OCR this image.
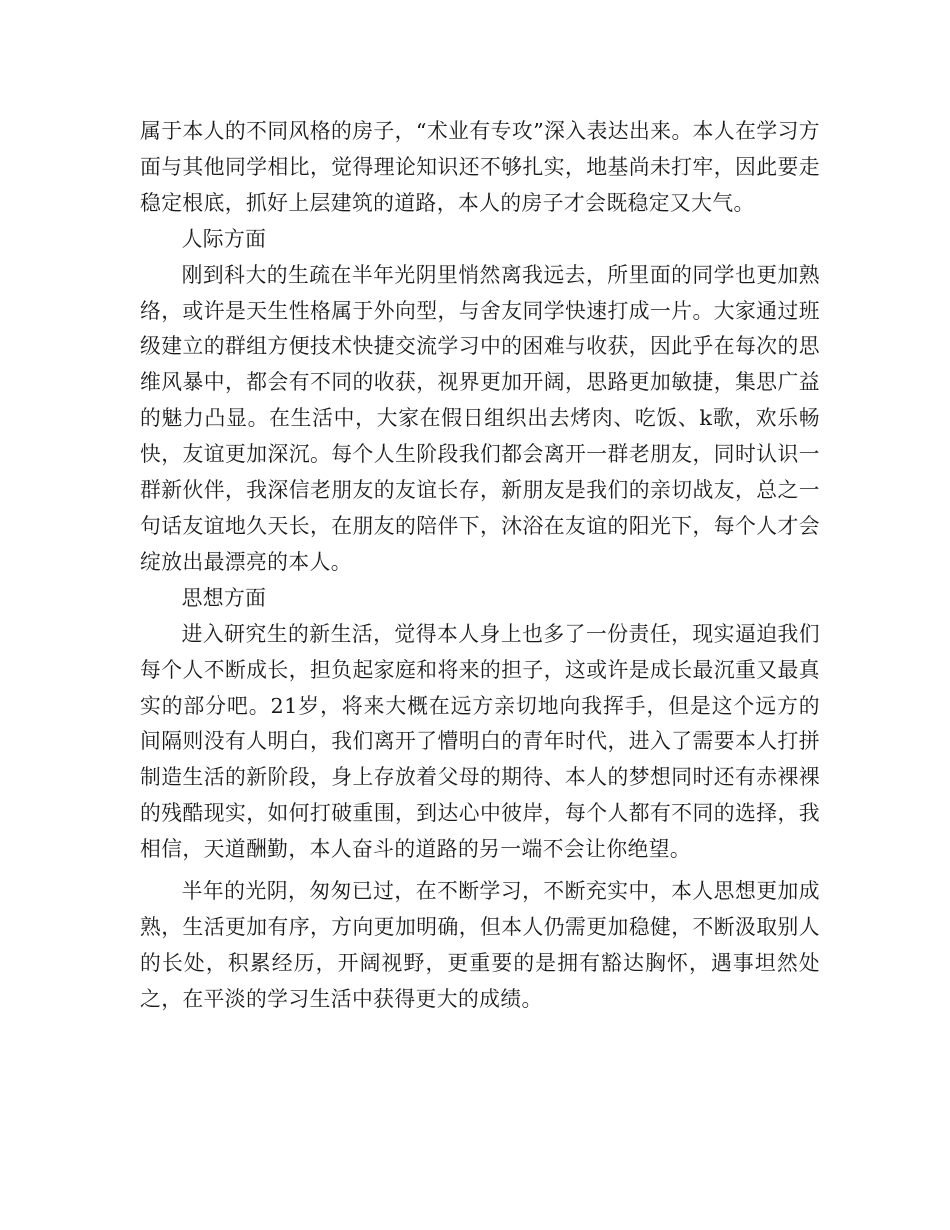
属于本人的不同风格的房子，“术业有专攻”深入表达出来。本人在学习方面与其他同学相比，觉得理论知识还不够扎实，地基尚未打牢，因此要走稳定根底，抓好上层建筑的道路，本人的房子才会既稳定又大气。

人际方面

刚到科大的生疏在半年光阴里悄然离我远去，所里面的同学也更加熟络，或许是天生性格属于外向型，与舍友同学快速打成一片。大家通过班级建立的群组方便技术快捷交流学习中的困难与收获，因此乎在每次的思维风暴中，都会有不同的收获，视界更加开阔，思路更加敏捷，集思广益的魅力凸显。在生活中，大家在假日组织出去烤肉、吃饭、k歌，欢乐畅快，友谊更加深沉。每个人生阶段我们都会离开一群老朋友，同时认识一群新伙伴，我深信老朋友的友谊长存，新朋友是我们的亲切战友，总之一句话友谊地久天长，在朋友的陪伴下，沐浴在友谊的阳光下，每个人才会绽放出最漂亮的本人。

思想方面

进入研究生的新生活，觉得本人身上也多了一份责任，现实逼迫我们每个人不断成长，担负起家庭和将来的担子，这或许是成长最沉重又最真实的部分吧。21岁，将来大概在远方亲切地向我挥手，但是这个远方的间隔则没有人明白，我们离开了懵明白的青年时代，进入了需要本人打拼制造生活的新阶段，身上存放着父母的期待、本人的梦想同时还有赤裸裸的残酷现实，如何打破重围，到达心中彼岸，每个人都有不同的选择，我相信，天道酬勤，本人奋斗的道路的另一端不会让你绝望。

半年的光阴，匆匆已过，在不断学习，不断充实中，本人思想更加成熟，生活更加有序，方向更加明确，但本人仍需更加稳健，不断汲取别人的长处，积累经历，开阔视野，更重要的是拥有豁达胸怀，遇事坦然处之，在平淡的学习生活中获得更大的成绩。
